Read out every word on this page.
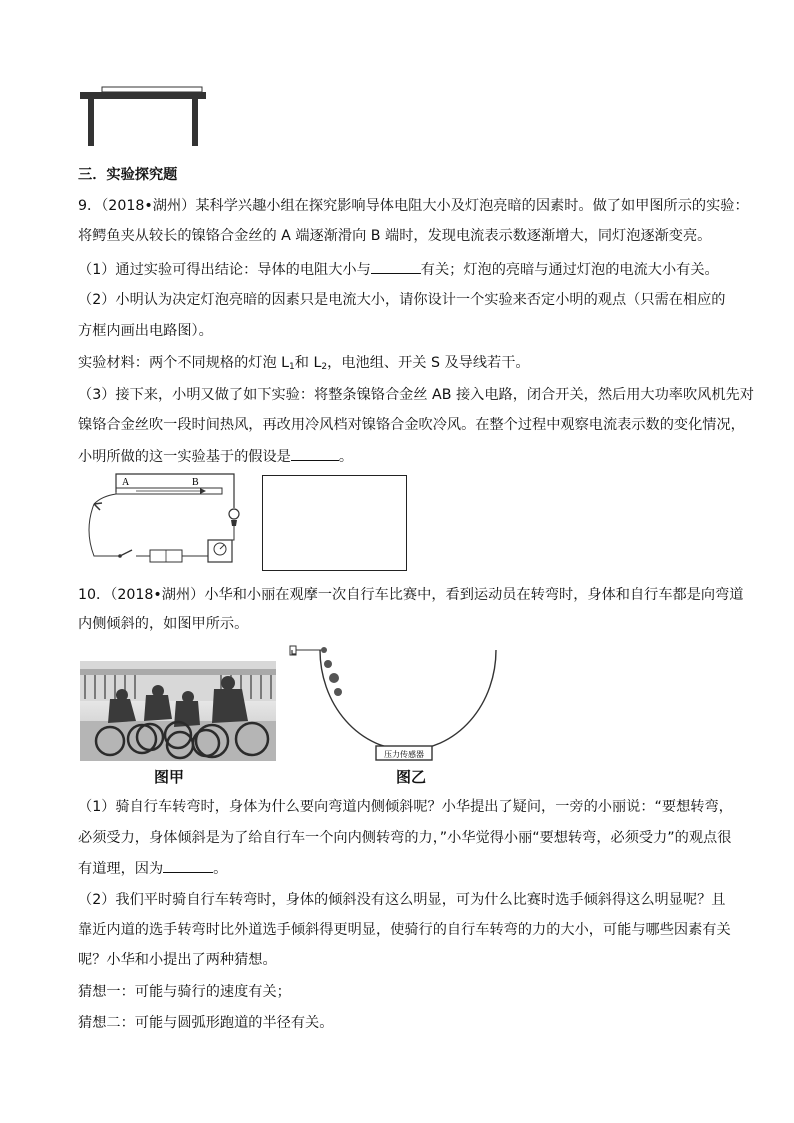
三．实验探究题
9．（2018•湖州）某科学兴趣小组在探究影响导体电阻大小及灯泡亮暗的因素时。做了如甲图所示的实验：
将鳄鱼夹从较长的镍铬合金丝的 A 端逐渐滑向 B 端时，发现电流表示数逐渐增大，同灯泡逐渐变亮。
（1）通过实验可得出结论：导体的电阻大小与	有关；灯泡的亮暗与通过灯泡的电流大小有关。
（2）小明认为决定灯泡亮暗的因素只是电流大小，请你设计一个实验来否定小明的观点（只需在相应的
方框内画出电路图）。
实验材料：两个不同规格的灯泡 $L_1$和 $L_2$，电池组、开关 S 及导线若干。
（3）接下来，小明又做了如下实验：将整条镍铬合金丝 AB 接入电路，闭合开关，然后用大功率吹风机先对
镍铬合金丝吹一段时间热风，再改用冷风档对镍铬合金吹冷风。在整个过程中观察电流表示数的变化情况，
小明所做的这一实验基于的假设是	。
A	B
10．（2018•湖州）小华和小丽在观摩一次自行车比赛中，看到运动员在转弯时，身体和自行车都是向弯道
内侧倾斜的，如图甲所示。
压力传感器
图甲	图乙
（1）骑自行车转弯时，身体为什么要向弯道内侧倾斜呢？小华提出了疑问，一旁的小丽说：“要想转弯，
必须受力，身体倾斜是为了给自行车一个向内侧转弯的力，”小华觉得小丽“要想转弯，必须受力”的观点很
有道理，因为	。
（2）我们平时骑自行车转弯时，身体的倾斜没有这么明显，可为什么比赛时选手倾斜得这么明显呢？且
靠近内道的选手转弯时比外道选手倾斜得更明显，使骑行的自行车转弯的力的大小，可能与哪些因素有关
呢？小华和小提出了两种猜想。
猜想一：可能与骑行的速度有关；
猜想二：可能与圆弧形跑道的半径有关。
